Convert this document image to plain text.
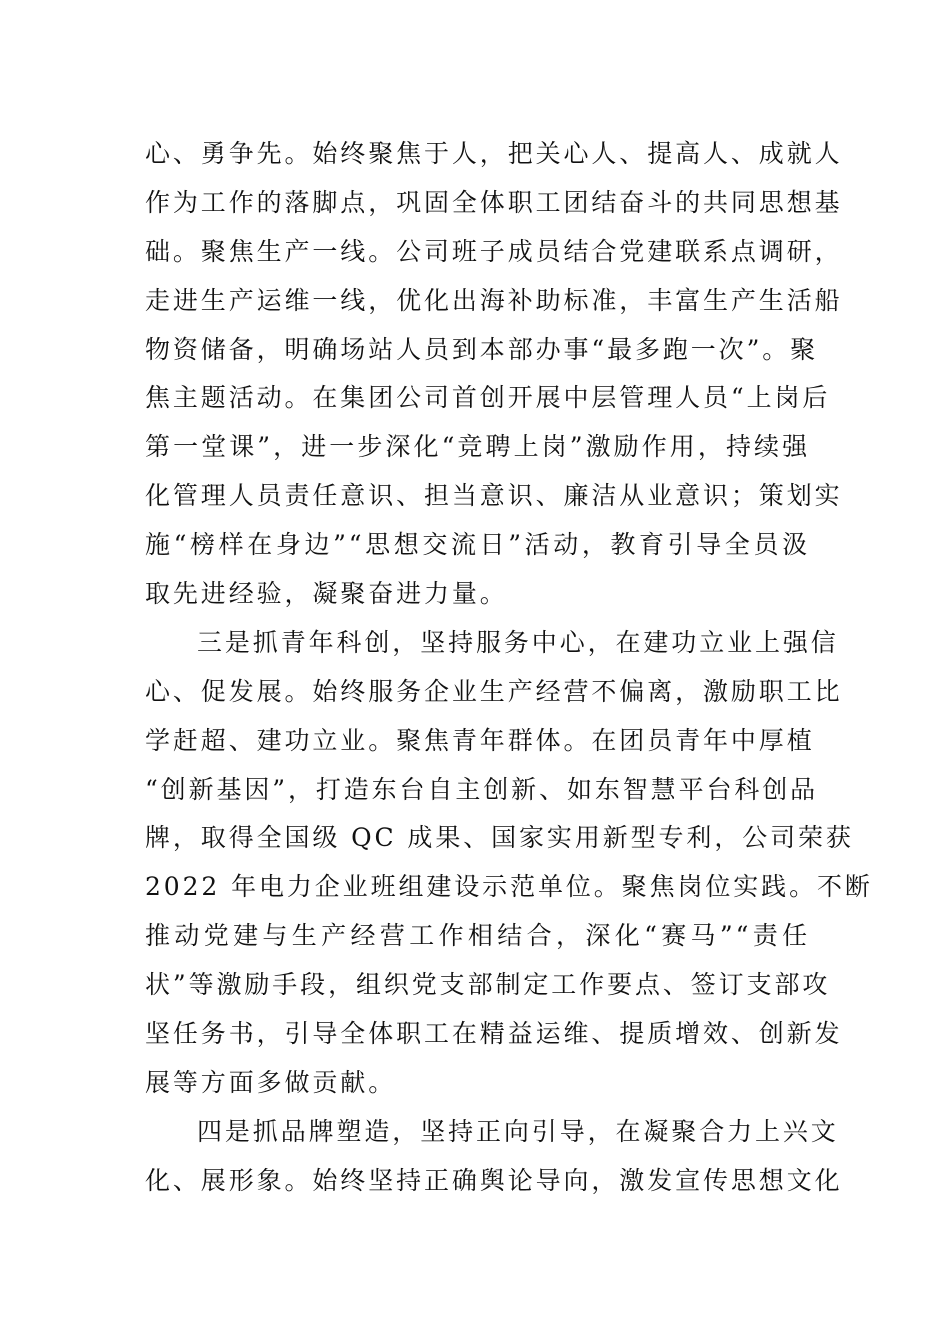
心、勇争先。始终聚焦于人，把关心人、提高人、成就人
作为工作的落脚点，巩固全体职工团结奋斗的共同思想基
础。聚焦生产一线。公司班子成员结合党建联系点调研，
走进生产运维一线，优化出海补助标准，丰富生产生活船
物资储备，明确场站人员到本部办事“最多跑一次”。聚
焦主题活动。在集团公司首创开展中层管理人员“上岗后
第一堂课”，进一步深化“竞聘上岗”激励作用，持续强
化管理人员责任意识、担当意识、廉洁从业意识；策划实
施“榜样在身边”“思想交流日”活动，教育引导全员汲
取先进经验，凝聚奋进力量。
三是抓青年科创，坚持服务中心，在建功立业上强信
心、促发展。始终服务企业生产经营不偏离，激励职工比
学赶超、建功立业。聚焦青年群体。在团员青年中厚植
“创新基因”，打造东台自主创新、如东智慧平台科创品
牌，取得全国级 QC 成果、国家实用新型专利，公司荣获
2022 年电力企业班组建设示范单位。聚焦岗位实践。不断
推动党建与生产经营工作相结合，深化“赛马”“责任
状”等激励手段，组织党支部制定工作要点、签订支部攻
坚任务书，引导全体职工在精益运维、提质增效、创新发
展等方面多做贡献。
四是抓品牌塑造，坚持正向引导，在凝聚合力上兴文
化、展形象。始终坚持正确舆论导向，激发宣传思想文化
